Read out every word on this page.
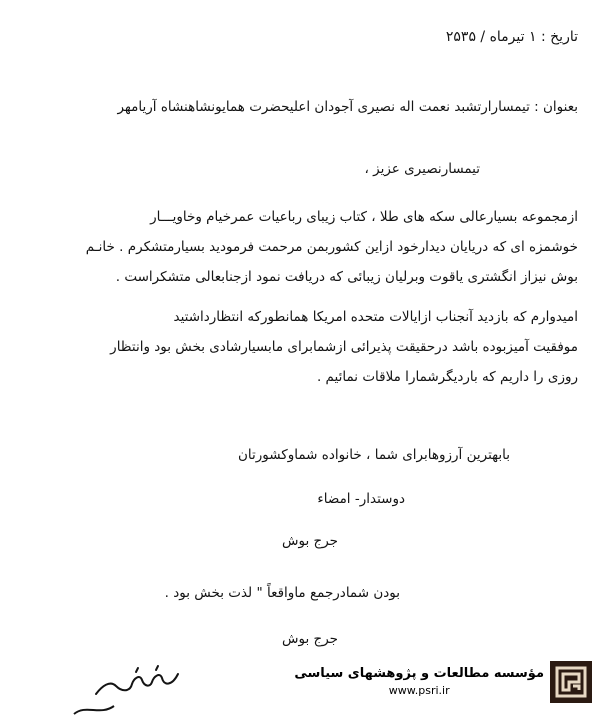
تاریخ : ۱ تیرماه / ۲۵۳۵
بعنوان : تیمسارارتشبد نعمت اله نصیری آجودان اعلیحضرت همایونشاهنشاه آریامهر
تیمسارنصیری عزیز ،
ازمجموعه بسیارعالی سکه های طلا ، کتاب زیبای رباعیات عمرخیام وخاویـــار
خوشمزه ای که دریایان دیدارخود ازاین کشوربمن مرحمت فرمودید بسیارمتشکرم . خانـم
بوش نیزاز انگشتری یاقوت وبرلیان زیبائی که دریافت نمود ازجنابعالی متشکراست .
امیدوارم که بازدید آنجناب ازایالات متحده امریکا همانطورکه انتظارداشتید
موفقیت آمیزبوده باشد درحقیقت پذیرائی ازشمابرای مابسیارشادی بخش بود وانتظار
روزی را داریم که باردیگرشمارا ملاقات نمائیم .
بابهترین آرزوهابرای شما ، خانواده شماوکشورتان
دوستدار- امضاء
جرج بوش
بودن شمادرجمع ماواقعاً " لذت بخش بود .
جرج بوش
مؤسسه مطالعات و پژوهشهای سیاسی
www.psri.ir
